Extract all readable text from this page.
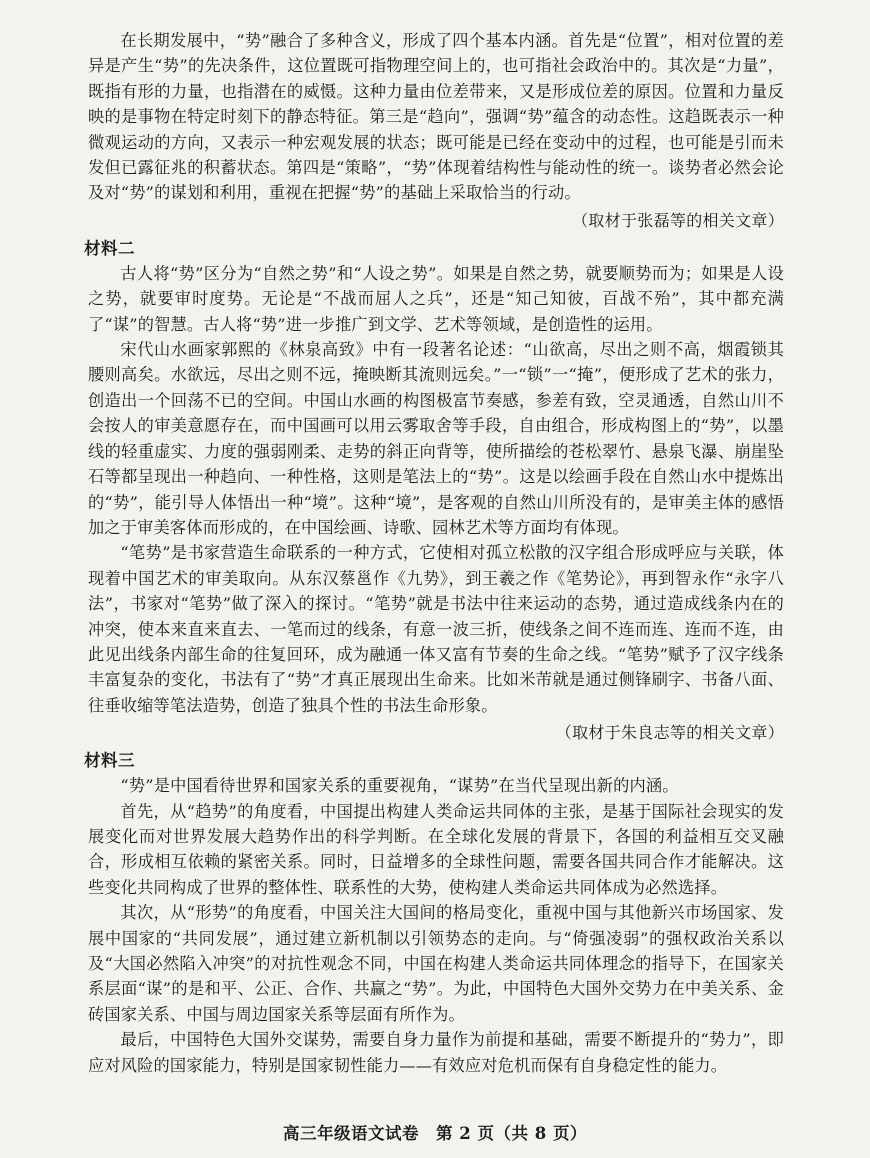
在长期发展中，“势”融合了多种含义，形成了四个基本内涵。首先是“位置”，相对位置的差异是产生“势”的先决条件，这位置既可指物理空间上的，也可指社会政治中的。其次是“力量”，既指有形的力量，也指潜在的威慑。这种力量由位差带来，又是形成位差的原因。位置和力量反映的是事物在特定时刻下的静态特征。第三是“趋向”，强调“势”蕴含的动态性。这趋既表示一种微观运动的方向，又表示一种宏观发展的状态；既可能是已经在变动中的过程，也可能是引而未发但已露征兆的积蓄状态。第四是“策略”，“势”体现着结构性与能动性的统一。谈势者必然会论及对“势”的谋划和利用，重视在把握“势”的基础上采取恰当的行动。

（取材于张磊等的相关文章）

材料二

古人将“势”区分为“自然之势”和“人设之势”。如果是自然之势，就要顺势而为；如果是人设之势，就要审时度势。无论是“不战而屈人之兵”，还是“知己知彼，百战不殆”，其中都充满了“谋”的智慧。古人将“势”进一步推广到文学、艺术等领域，是创造性的运用。

宋代山水画家郭熙的《林泉高致》中有一段著名论述：“山欲高，尽出之则不高，烟霞锁其腰则高矣。水欲远，尽出之则不远，掩映断其流则远矣。”一“锁”一“掩”，便形成了艺术的张力，创造出一个回荡不已的空间。中国山水画的构图极富节奏感，参差有致，空灵通透，自然山川不会按人的审美意愿存在，而中国画可以用云雾取舍等手段，自由组合，形成构图上的“势”，以墨线的轻重虚实、力度的强弱刚柔、走势的斜正向背等，使所描绘的苍松翠竹、悬泉飞瀑、崩崖坠石等都呈现出一种趋向、一种性格，这则是笔法上的“势”。这是以绘画手段在自然山水中提炼出的“势”，能引导人体悟出一种“境”。这种“境”，是客观的自然山川所没有的，是审美主体的感悟加之于审美客体而形成的，在中国绘画、诗歌、园林艺术等方面均有体现。

“笔势”是书家营造生命联系的一种方式，它使相对孤立松散的汉字组合形成呼应与关联，体现着中国艺术的审美取向。从东汉蔡邕作《九势》，到王羲之作《笔势论》，再到智永作“永字八法”，书家对“笔势”做了深入的探讨。“笔势”就是书法中往来运动的态势，通过造成线条内在的冲突，使本来直来直去、一笔而过的线条，有意一波三折，使线条之间不连而连、连而不连，由此见出线条内部生命的往复回环，成为融通一体又富有节奏的生命之线。“笔势”赋予了汉字线条丰富复杂的变化，书法有了“势”才真正展现出生命来。比如米芾就是通过侧锋刷字、书备八面、往垂收缩等笔法造势，创造了独具个性的书法生命形象。

（取材于朱良志等的相关文章）

材料三

“势”是中国看待世界和国家关系的重要视角，“谋势”在当代呈现出新的内涵。

首先，从“趋势”的角度看，中国提出构建人类命运共同体的主张，是基于国际社会现实的发展变化而对世界发展大趋势作出的科学判断。在全球化发展的背景下，各国的利益相互交叉融合，形成相互依赖的紧密关系。同时，日益增多的全球性问题，需要各国共同合作才能解决。这些变化共同构成了世界的整体性、联系性的大势，使构建人类命运共同体成为必然选择。

其次，从“形势”的角度看，中国关注大国间的格局变化，重视中国与其他新兴市场国家、发展中国家的“共同发展”，通过建立新机制以引领势态的走向。与“倚强凌弱”的强权政治关系以及“大国必然陷入冲突”的对抗性观念不同，中国在构建人类命运共同体理念的指导下，在国家关系层面“谋”的是和平、公正、合作、共赢之“势”。为此，中国特色大国外交势力在中美关系、金砖国家关系、中国与周边国家关系等层面有所作为。

最后，中国特色大国外交谋势，需要自身力量作为前提和基础，需要不断提升的“势力”，即应对风险的国家能力，特别是国家韧性能力——有效应对危机而保有自身稳定性的能力。

高三年级语文试卷　第 2 页（共 8 页）
